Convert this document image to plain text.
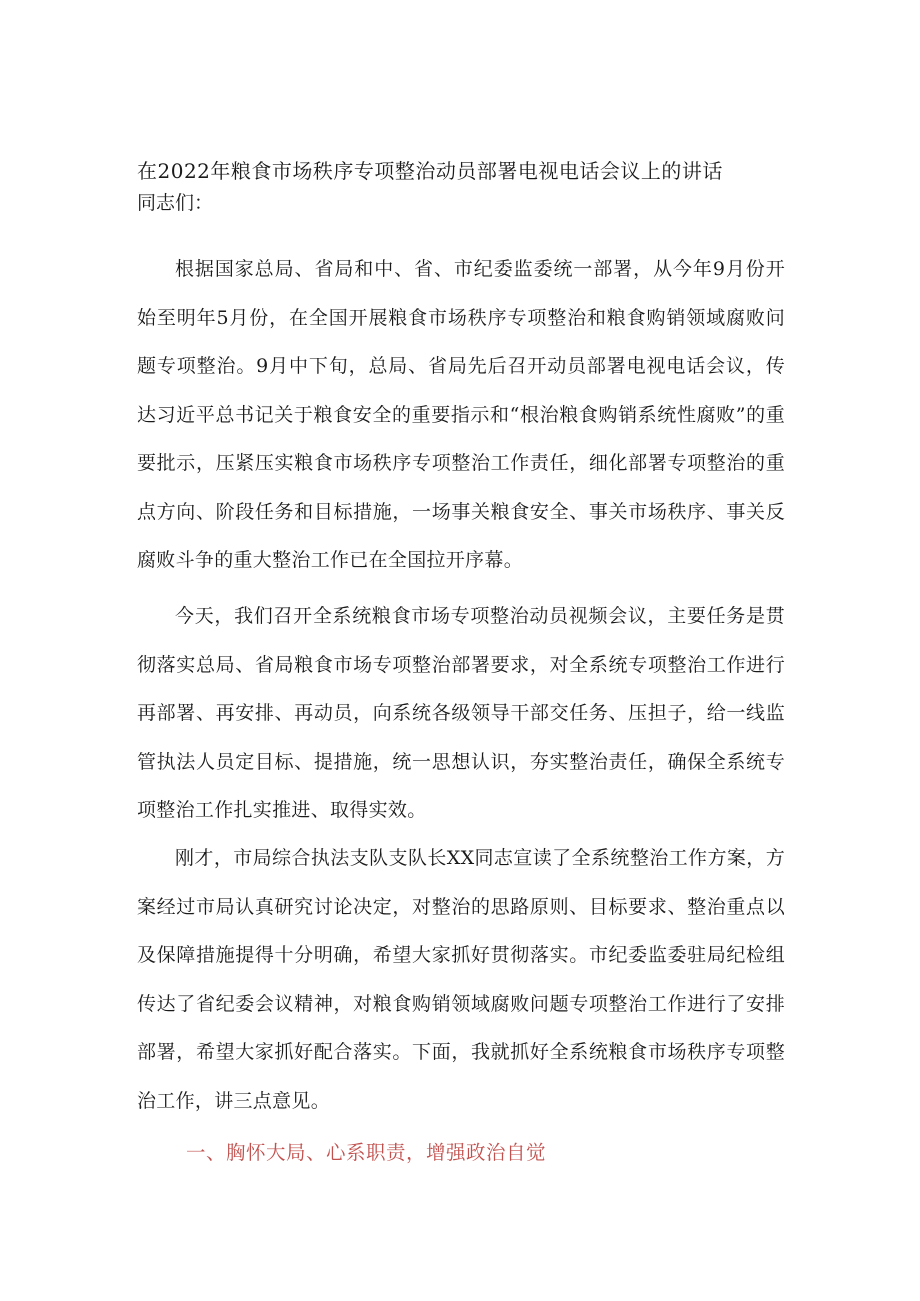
在2022年粮食市场秩序专项整治动员部署电视电话会议上的讲话
同志们：
根据国家总局、省局和中、省、市纪委监委统一部署，从今年9月份开始至明年5月份，在全国开展粮食市场秩序专项整治和粮食购销领域腐败问题专项整治。9月中下旬，总局、省局先后召开动员部署电视电话会议，传达习近平总书记关于粮食安全的重要指示和“根治粮食购销系统性腐败”的重要批示，压紧压实粮食市场秩序专项整治工作责任，细化部署专项整治的重点方向、阶段任务和目标措施，一场事关粮食安全、事关市场秩序、事关反腐败斗争的重大整治工作已在全国拉开序幕。
今天，我们召开全系统粮食市场专项整治动员视频会议，主要任务是贯彻落实总局、省局粮食市场专项整治部署要求，对全系统专项整治工作进行再部署、再安排、再动员，向系统各级领导干部交任务、压担子，给一线监管执法人员定目标、提措施，统一思想认识，夯实整治责任，确保全系统专项整治工作扎实推进、取得实效。
刚才，市局综合执法支队支队长XX同志宣读了全系统整治工作方案，方案经过市局认真研究讨论决定，对整治的思路原则、目标要求、整治重点以及保障措施提得十分明确，希望大家抓好贯彻落实。市纪委监委驻局纪检组传达了省纪委会议精神，对粮食购销领域腐败问题专项整治工作进行了安排部署，希望大家抓好配合落实。下面，我就抓好全系统粮食市场秩序专项整治工作，讲三点意见。
一、胸怀大局、心系职责，增强政治自觉
